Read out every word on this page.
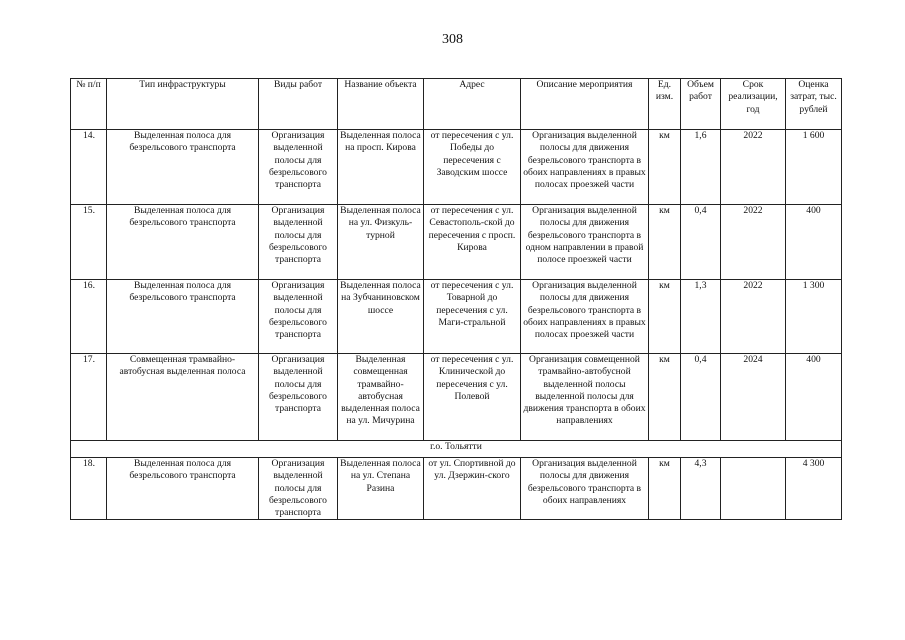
308
№ п/п	Тип инфраструктуры	Виды работ	Название объекта	Адрес	Описание мероприятия	Ед. изм.	Объем работ	Срок реализации, год	Оценка затрат, тыс. рублей
14.	Выделенная полоса для безрельсового транспорта	Организация выделенной полосы для безрельсового транспорта	Выделенная полоса на просп. Кирова	от пересечения с ул. Победы до пересечения с Заводским шоссе	Организация выделенной полосы для движения безрельсового транспорта в обоих направлениях в правых полосах проезжей части	км	1,6	2022	1 600
15.	Выделенная полоса для безрельсового транспорта	Организация выделенной полосы для безрельсового транспорта	Выделенная полоса на ул. Физкуль-турной	от пересечения с ул. Севастополь-ской до пересечения с просп. Кирова	Организация выделенной полосы для движения безрельсового транспорта в одном направлении в правой полосе проезжей части	км	0,4	2022	400
16.	Выделенная полоса для безрельсового транспорта	Организация выделенной полосы для безрельсового транспорта	Выделенная полоса на Зубчаниновском шоссе	от пересечения с ул. Товарной до пересечения с ул. Маги-стральной	Организация выделенной полосы для движения безрельсового транспорта в обоих направлениях в правых полосах проезжей части	км	1,3	2022	1 300
17.	Совмещенная трамвайно-автобусная выделенная полоса	Организация выделенной полосы для безрельсового транспорта	Выделенная совмещенная трамвайно-автобусная выделенная полоса на ул. Мичурина	от пересечения с ул. Клинической до пересечения с ул. Полевой	Организация совмещенной трамвайно-автобусной выделенной полосы выделенной полосы для движения транспорта в обоих направлениях	км	0,4	2024	400
г.о. Тольятти									
18.	Выделенная полоса для безрельсового транспорта	Организация выделенной полосы для безрельсового транспорта	Выделенная полоса на ул. Степана Разина	от ул. Спортивной до ул. Дзержин-ского	Организация выделенной полосы для движения безрельсового транспорта в обоих направлениях	км	4,3		4 300
